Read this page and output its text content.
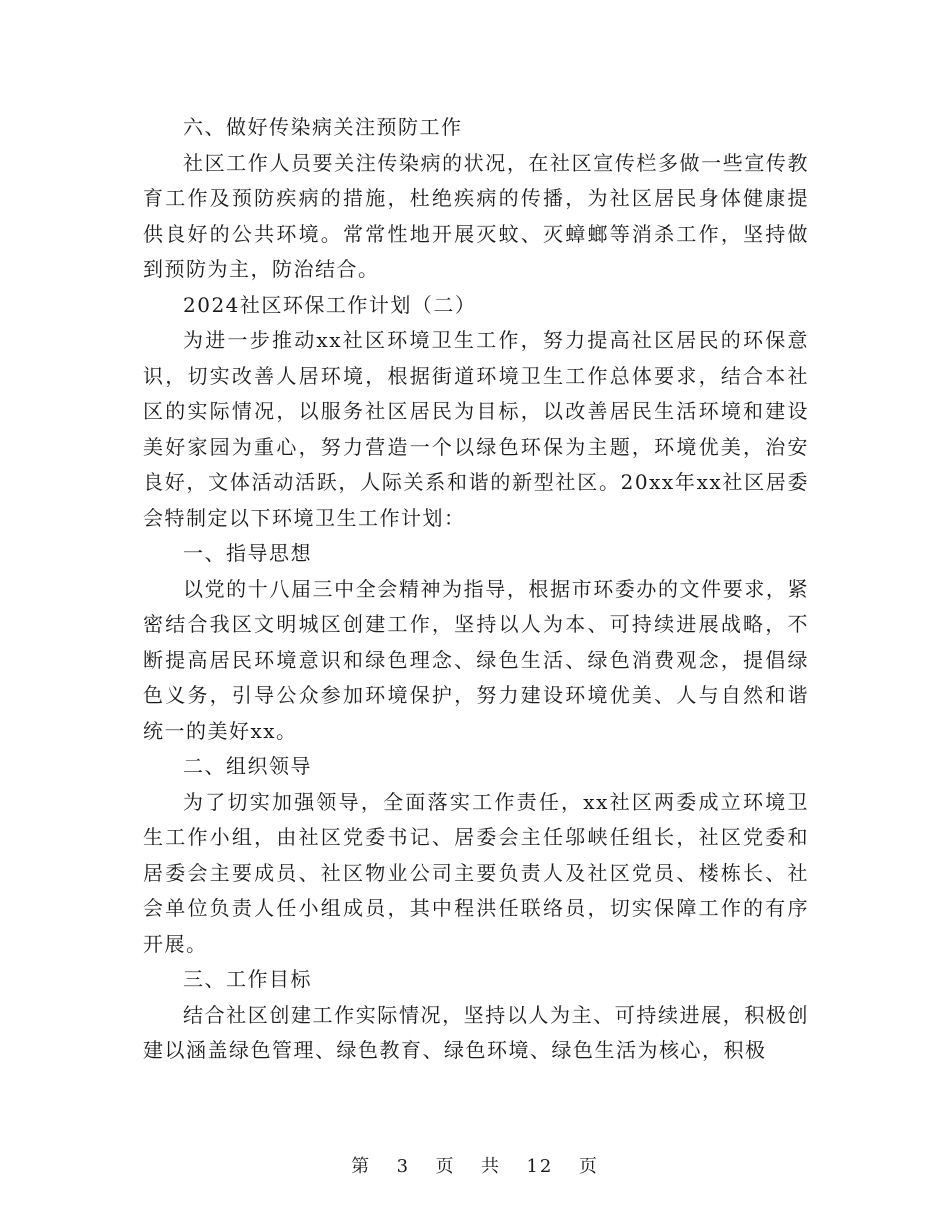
六、做好传染病关注预防工作

社区工作人员要关注传染病的状况，在社区宣传栏多做一些宣传教育工作及预防疾病的措施，杜绝疾病的传播，为社区居民身体健康提供良好的公共环境。常常性地开展灭蚊、灭蟑螂等消杀工作，坚持做到预防为主，防治结合。

2024社区环保工作计划（二）

为进一步推动xx社区环境卫生工作，努力提高社区居民的环保意识，切实改善人居环境，根据街道环境卫生工作总体要求，结合本社区的实际情况，以服务社区居民为目标，以改善居民生活环境和建设美好家园为重心，努力营造一个以绿色环保为主题，环境优美，治安良好，文体活动活跃，人际关系和谐的新型社区。20xx年xx社区居委会特制定以下环境卫生工作计划：

一、指导思想

以党的十八届三中全会精神为指导，根据市环委办的文件要求，紧密结合我区文明城区创建工作，坚持以人为本、可持续进展战略，不断提高居民环境意识和绿色理念、绿色生活、绿色消费观念，提倡绿色义务，引导公众参加环境保护，努力建设环境优美、人与自然和谐统一的美好xx。

二、组织领导

为了切实加强领导，全面落实工作责任，xx社区两委成立环境卫生工作小组，由社区党委书记、居委会主任邬峡任组长，社区党委和居委会主要成员、社区物业公司主要负责人及社区党员、楼栋长、社会单位负责人任小组成员，其中程洪任联络员，切实保障工作的有序开展。

三、工作目标

结合社区创建工作实际情况，坚持以人为主、可持续进展，积极创建以涵盖绿色管理、绿色教育、绿色环境、绿色生活为核心，积极

第 3 页 共 12 页
